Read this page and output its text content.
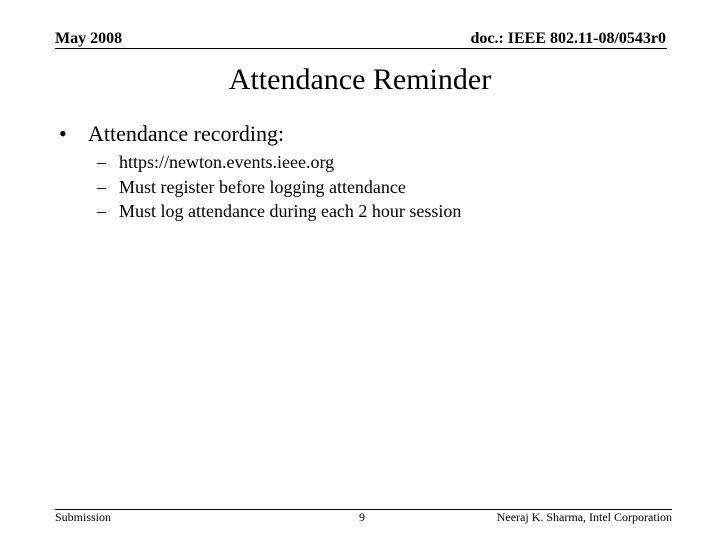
May 2008	doc.: IEEE 802.11-08/0543r0
Attendance Reminder
• Attendance recording:
– https://newton.events.ieee.org
– Must register before logging attendance
– Must log attendance during each 2 hour session
Submission	9	Neeraj K. Sharma, Intel Corporation
